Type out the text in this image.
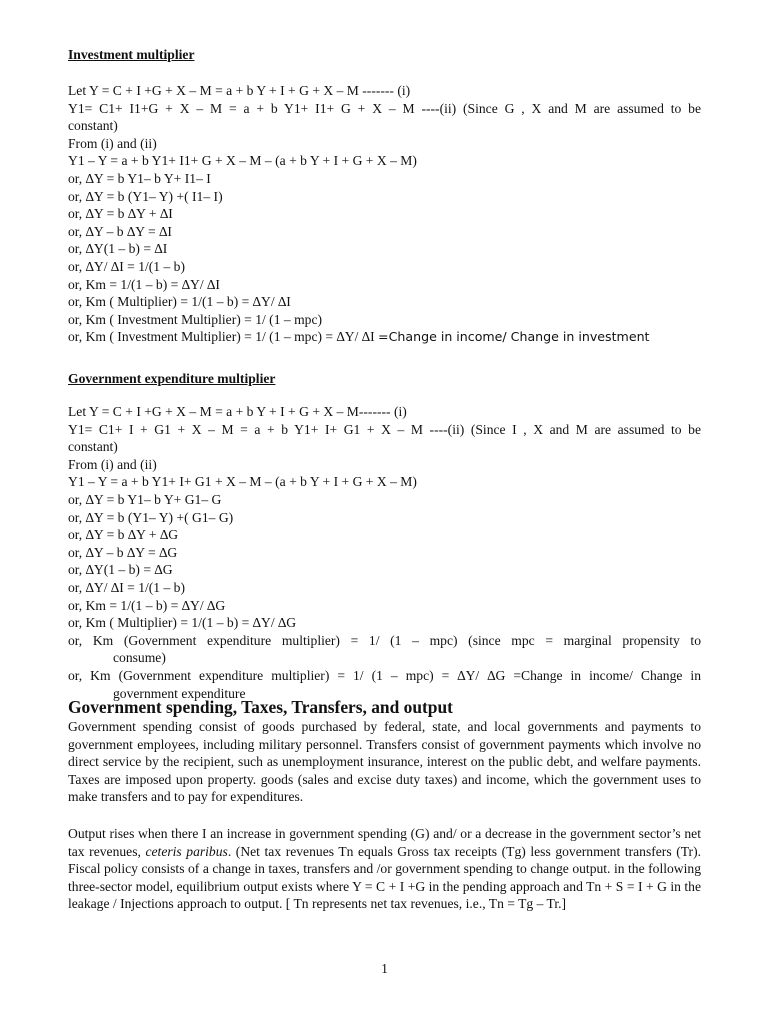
Investment multiplier
Let Y = C + I +G + X – M = a + b Y + I + G + X – M ------- (i)
Y1= C1+ I1+G + X – M = a + b Y1+ I1+ G + X – M ----(ii) (Since G , X and M are assumed to be
constant)
From (i) and (ii)
Y1 – Y = a + b Y1+ I1+ G + X – M – (a + b Y + I + G + X – M)
or, ∆Y = b Y1– b Y+ I1– I
or, ∆Y = b (Y1– Y) +( I1– I)
or, ∆Y = b ∆Y + ∆I
or, ∆Y – b ∆Y = ∆I
or, ∆Y(1 – b) = ∆I
or, ∆Y/ ∆I = 1/(1 – b)
or, Km = 1/(1 – b) = ∆Y/ ∆I
or, Km ( Multiplier) = 1/(1 – b) = ∆Y/ ∆I
or, Km ( Investment Multiplier) = 1/ (1 – mpc)
or, Km ( Investment Multiplier) = 1/ (1 – mpc) = ∆Y/ ∆I =Change in income/ Change in investment
Government expenditure multiplier
Let Y = C + I +G + X – M = a + b Y + I + G + X – M------- (i)
Y1= C1+ I + G1 + X – M = a + b Y1+ I+ G1 + X – M ----(ii) (Since I , X and M are assumed to be
constant)
From (i) and (ii)
Y1 – Y = a + b Y1+ I+ G1 + X – M – (a + b Y + I + G + X – M)
or, ∆Y = b Y1– b Y+ G1– G
or, ∆Y = b (Y1– Y) +( G1– G)
or, ∆Y = b ∆Y + ∆G
or, ∆Y – b ∆Y = ∆G
or, ∆Y(1 – b) = ∆G
or, ∆Y/ ∆I = 1/(1 – b)
or, Km = 1/(1 – b) = ∆Y/ ∆G
or, Km ( Multiplier) = 1/(1 – b) = ∆Y/ ∆G
or, Km (Government expenditure multiplier) = 1/ (1 – mpc) (since mpc = marginal propensity to
consume)
or, Km (Government expenditure multiplier) = 1/ (1 – mpc) = ∆Y/ ∆G =Change in income/ Change in
government expenditure
Government spending, Taxes, Transfers, and output
Government spending consist of goods purchased by federal, state, and local governments and payments to government employees, including military personnel. Transfers consist of government payments which involve no direct service by the recipient, such as unemployment insurance, interest on the public debt, and welfare payments. Taxes are imposed upon property. goods (sales and excise duty taxes) and income, which the government uses to make transfers and to pay for expenditures.
Output rises when there I an increase in government spending (G) and/ or a decrease in the government sector’s net tax revenues, ceteris paribus. (Net tax revenues Tn equals Gross tax receipts (Tg) less government transfers (Tr). Fiscal policy consists of a change in taxes, transfers and /or government spending to change output. in the following three-sector model, equilibrium output exists where Y = C + I +G in the pending approach and Tn + S = I + G in the leakage / Injections approach to output. [ Tn represents net tax revenues, i.e., Tn = Tg – Tr.]
1
